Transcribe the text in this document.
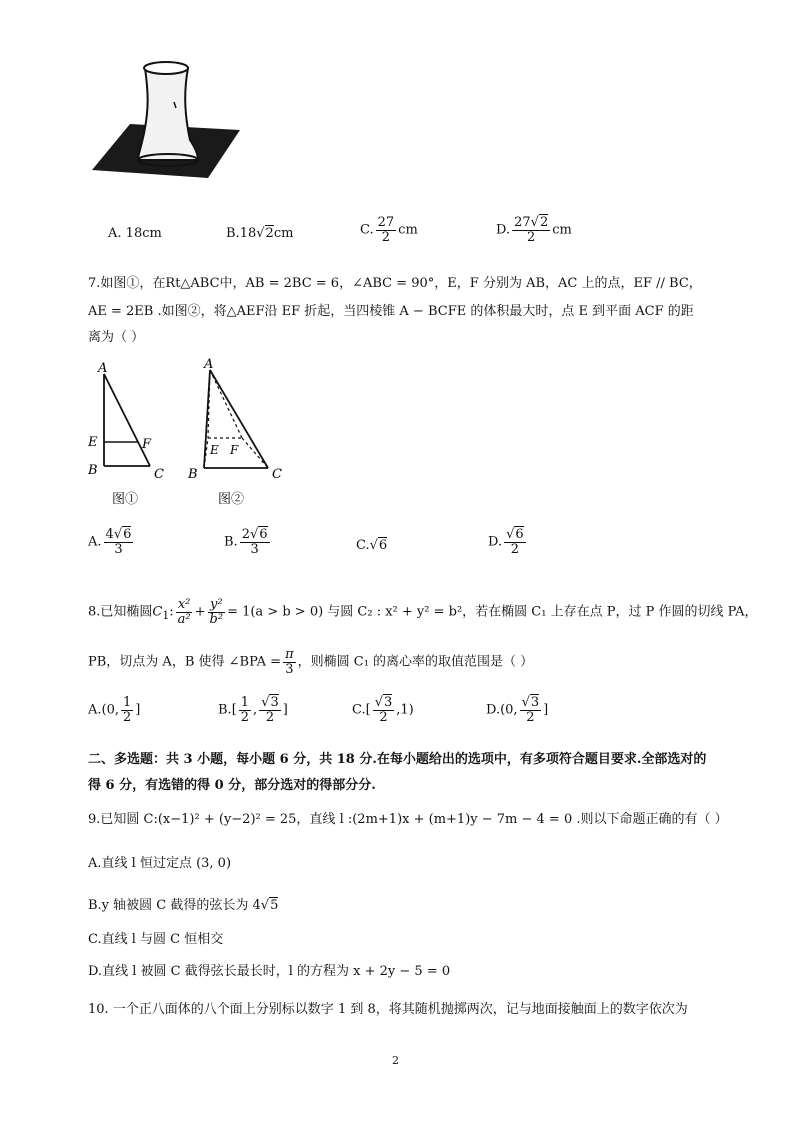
A. 18cm	B.18√2cm	C. $\frac{27}{2}$ cm	D. $\frac{27√2}{2}$ cm
7.如图①，在Rt△ABC中，AB = 2BC = 6，∠ABC = 90°，E，F 分别为 AB，AC 上的点，EF // BC，
AE = 2EB .如图②，将△AEF沿 EF 折起，当四棱锥 A − BCFE 的体积最大时，点 E 到平面 ACF 的距
离为（ ）
A
E	F
B	C
图①
A
E F
B	C
图②
A. $\frac{4√6}{3}$	B. $\frac{2√6}{3}$	C.√6	D. $\frac{√6}{2}$
8.已知椭圆$C_1$: $\frac{\text{x²}}{\text{a²}} + \frac{\text{y²}}{\text{b²}} = 1(a > b > 0)$ 与圆 C₂ : x² + y² = b²，若在椭圆 C₁ 上存在点 P，过 P 作圆的切线 PA，
PB，切点为 A，B 使得 ∠BPA = $\frac{\pi}{3}$ ，则椭圆 C₁ 的离心率的取值范围是（ ）
A.(0, $\frac{1}{2}$ ]	$B.[ \frac{1}{2}$ , $\frac{√3}{2}$ ]	$C.[ \frac{√3}{2} ,1)$	D.(0, $\frac{√3}{2}$ ]
二、多选题：共 3 小题，每小题 6 分，共 18 分.在每小题给出的选项中，有多项符合题目要求.全部选对的
得 6 分，有选错的得 0 分，部分选对的得部分分.
9.已知圆 C:(x−1)² + (y−2)² = 25，直线 l :(2m+1)x + (m+1)y − 7m − 4 = 0 .则以下命题正确的有（ ）
A.直线 l 恒过定点 (3, 0)
B.y 轴被圆 C 截得的弦长为 4√5
C.直线 l 与圆 C 恒相交
D.直线 l 被圆 C 截得弦长最长时，l 的方程为 x + 2y − 5 = 0
10. 一个正八面体的八个面上分别标以数字 1 到 8，将其随机抛掷两次，记与地面接触面上的数字依次为
2
